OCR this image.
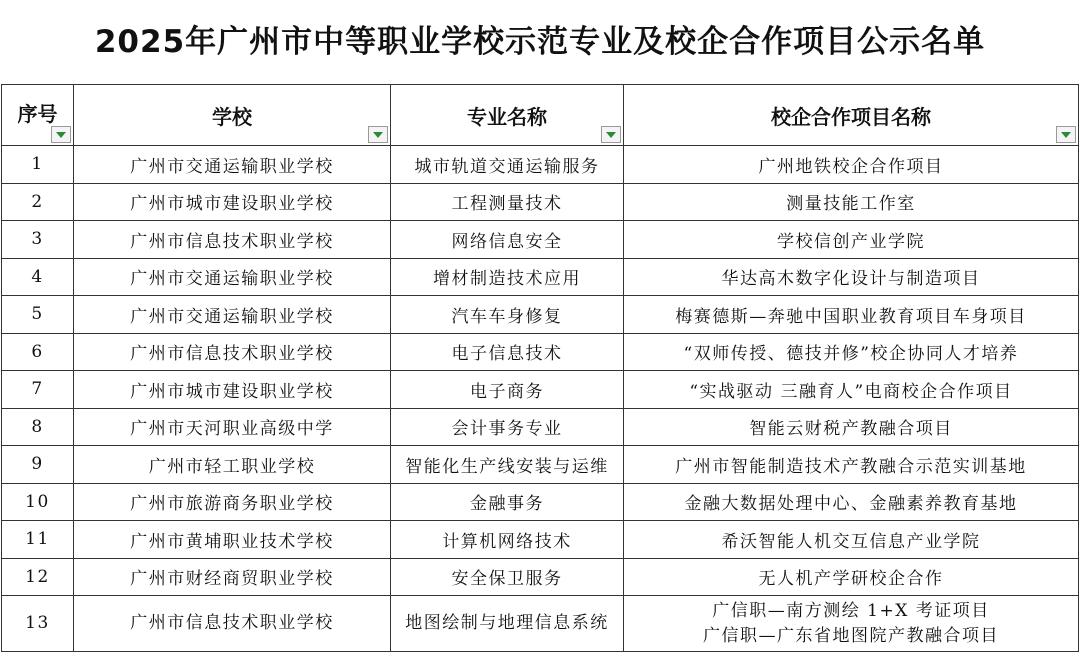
2025年广州市中等职业学校示范专业及校企合作项目公示名单
序号	学校	专业名称	校企合作项目名称

1	广州市交通运输职业学校	城市轨道交通运输服务	广州地铁校企合作项目

2	广州市城市建设职业学校	工程测量技术	测量技能工作室

3	广州市信息技术职业学校	网络信息安全	学校信创产业学院

4	广州市交通运输职业学校	增材制造技术应用	华达高木数字化设计与制造项目

5	广州市交通运输职业学校	汽车车身修复	梅赛德斯—奔驰中国职业教育项目车身项目

6	广州市信息技术职业学校	电子信息技术	“双师传授、德技并修”校企协同人才培养

7	广州市城市建设职业学校	电子商务	“实战驱动 三融育人”电商校企合作项目

8	广州市天河职业高级中学	会计事务专业	智能云财税产教融合项目

9	广州市轻工职业学校	智能化生产线安装与运维	广州市智能制造技术产教融合示范实训基地

10	广州市旅游商务职业学校	金融事务	金融大数据处理中心、金融素养教育基地

11	广州市黄埔职业技术学校	计算机网络技术	希沃智能人机交互信息产业学院

12	广州市财经商贸职业学校	安全保卫服务	无人机产学研校企合作

13	广州市信息技术职业学校	地图绘制与地理信息系统	广信职—南方测绘 1+X 考证项目
广信职—广东省地图院产教融合项目
